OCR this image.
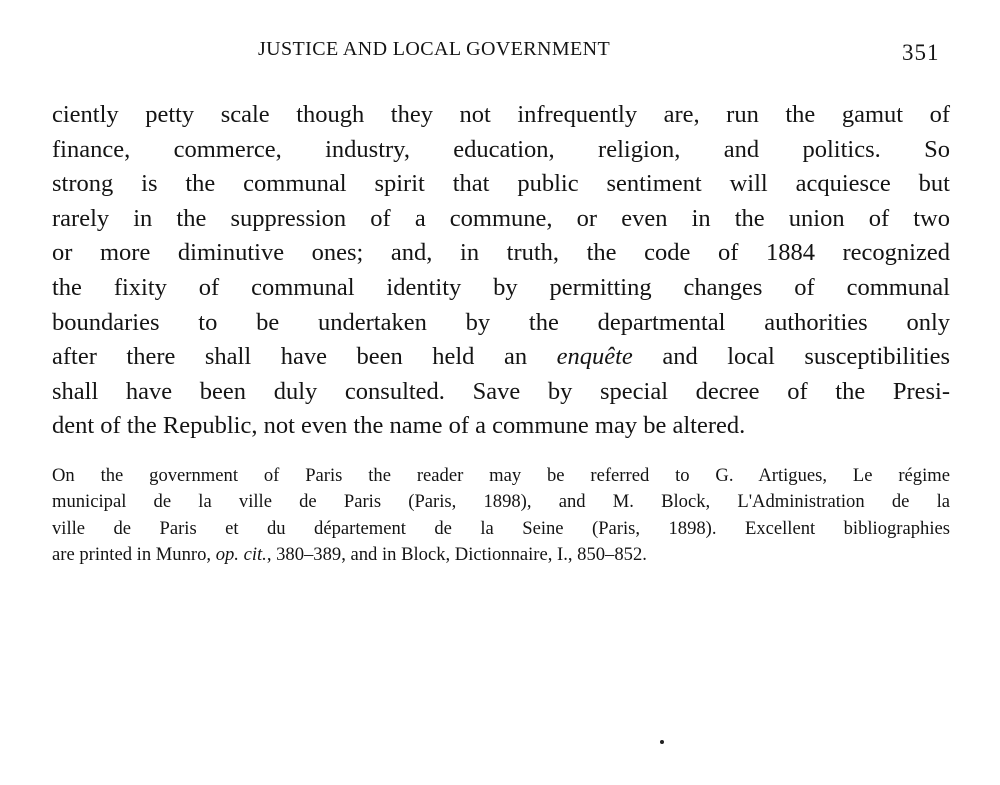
JUSTICE AND LOCAL GOVERNMENT	351
ciently petty scale though they not infrequently are, run the gamut of
finance, commerce, industry, education, religion, and politics. So
strong is the communal spirit that public sentiment will acquiesce but
rarely in the suppression of a commune, or even in the union of two
or more diminutive ones; and, in truth, the code of 1884 recognized
the fixity of communal identity by permitting changes of communal
boundaries to be undertaken by the departmental authorities only
after there shall have been held an enquête and local susceptibilities
shall have been duly consulted. Save by special decree of the Presi-
dent of the Republic, not even the name of a commune may be altered.
On the government of Paris the reader may be referred to G. Artigues, Le régime
municipal de la ville de Paris (Paris, 1898), and M. Block, L'Administration de la
ville de Paris et du département de la Seine (Paris, 1898). Excellent bibliographies
are printed in Munro, op. cit., 380–389, and in Block, Dictionnaire, I., 850–852.
